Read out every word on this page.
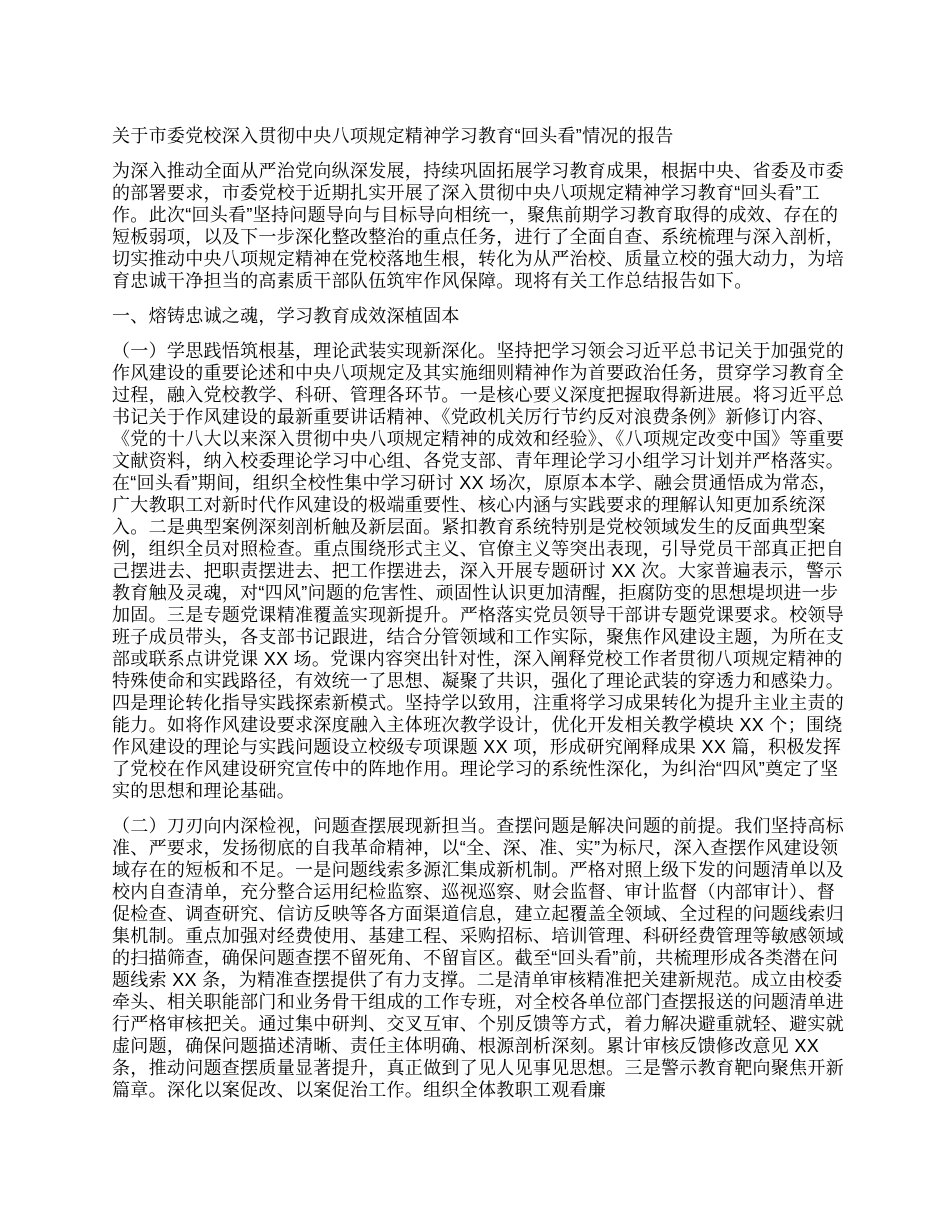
关于市委党校深入贯彻中央八项规定精神学习教育“回头看”情况的报告

为深入推动全面从严治党向纵深发展，持续巩固拓展学习教育成果，根据中央、省委及市委的部署要求，市委党校于近期扎实开展了深入贯彻中央八项规定精神学习教育“回头看”工作。此次“回头看”坚持问题导向与目标导向相统一，聚焦前期学习教育取得的成效、存在的短板弱项，以及下一步深化整改整治的重点任务，进行了全面自查、系统梳理与深入剖析，切实推动中央八项规定精神在党校落地生根，转化为从严治校、质量立校的强大动力，为培育忠诚干净担当的高素质干部队伍筑牢作风保障。现将有关工作总结报告如下。

一、熔铸忠诚之魂，学习教育成效深植固本

（一）学思践悟筑根基，理论武装实现新深化。坚持把学习领会习近平总书记关于加强党的作风建设的重要论述和中央八项规定及其实施细则精神作为首要政治任务，贯穿学习教育全过程，融入党校教学、科研、管理各环节。一是核心要义深度把握取得新进展。将习近平总书记关于作风建设的最新重要讲话精神、《党政机关厉行节约反对浪费条例》新修订内容、《党的十八大以来深入贯彻中央八项规定精神的成效和经验》、《八项规定改变中国》等重要文献资料，纳入校委理论学习中心组、各党支部、青年理论学习小组学习计划并严格落实。在“回头看”期间，组织全校性集中学习研讨 XX 场次，原原本本学、融会贯通悟成为常态，广大教职工对新时代作风建设的极端重要性、核心内涵与实践要求的理解认知更加系统深入。二是典型案例深刻剖析触及新层面。紧扣教育系统特别是党校领域发生的反面典型案例，组织全员对照检查。重点围绕形式主义、官僚主义等突出表现，引导党员干部真正把自己摆进去、把职责摆进去、把工作摆进去，深入开展专题研讨 XX 次。大家普遍表示，警示教育触及灵魂，对“四风”问题的危害性、顽固性认识更加清醒，拒腐防变的思想堤坝进一步加固。三是专题党课精准覆盖实现新提升。严格落实党员领导干部讲专题党课要求。校领导班子成员带头，各支部书记跟进，结合分管领域和工作实际，聚焦作风建设主题，为所在支部或联系点讲党课 XX 场。党课内容突出针对性，深入阐释党校工作者贯彻八项规定精神的特殊使命和实践路径，有效统一了思想、凝聚了共识，强化了理论武装的穿透力和感染力。四是理论转化指导实践探索新模式。坚持学以致用，注重将学习成果转化为提升主业主责的能力。如将作风建设要求深度融入主体班次教学设计，优化开发相关教学模块 XX 个；围绕作风建设的理论与实践问题设立校级专项课题 XX 项，形成研究阐释成果 XX 篇，积极发挥了党校在作风建设研究宣传中的阵地作用。理论学习的系统性深化，为纠治“四风”奠定了坚实的思想和理论基础。

（二）刀刃向内深检视，问题查摆展现新担当。查摆问题是解决问题的前提。我们坚持高标准、严要求，发扬彻底的自我革命精神，以“全、深、准、实”为标尺，深入查摆作风建设领域存在的短板和不足。一是问题线索多源汇集成新机制。严格对照上级下发的问题清单以及校内自查清单，充分整合运用纪检监察、巡视巡察、财会监督、审计监督（内部审计）、督促检查、调查研究、信访反映等各方面渠道信息，建立起覆盖全领域、全过程的问题线索归集机制。重点加强对经费使用、基建工程、采购招标、培训管理、科研经费管理等敏感领域的扫描筛查，确保问题查摆不留死角、不留盲区。截至“回头看”前，共梳理形成各类潜在问题线索 XX 条，为精准查摆提供了有力支撑。二是清单审核精准把关建新规范。成立由校委牵头、相关职能部门和业务骨干组成的工作专班，对全校各单位部门查摆报送的问题清单进行严格审核把关。通过集中研判、交叉互审、个别反馈等方式，着力解决避重就轻、避实就虚问题，确保问题描述清晰、责任主体明确、根源剖析深刻。累计审核反馈修改意见 XX 条，推动问题查摆质量显著提升，真正做到了见人见事见思想。三是警示教育靶向聚焦开新篇章。深化以案促改、以案促治工作。组织全体教职工观看廉
